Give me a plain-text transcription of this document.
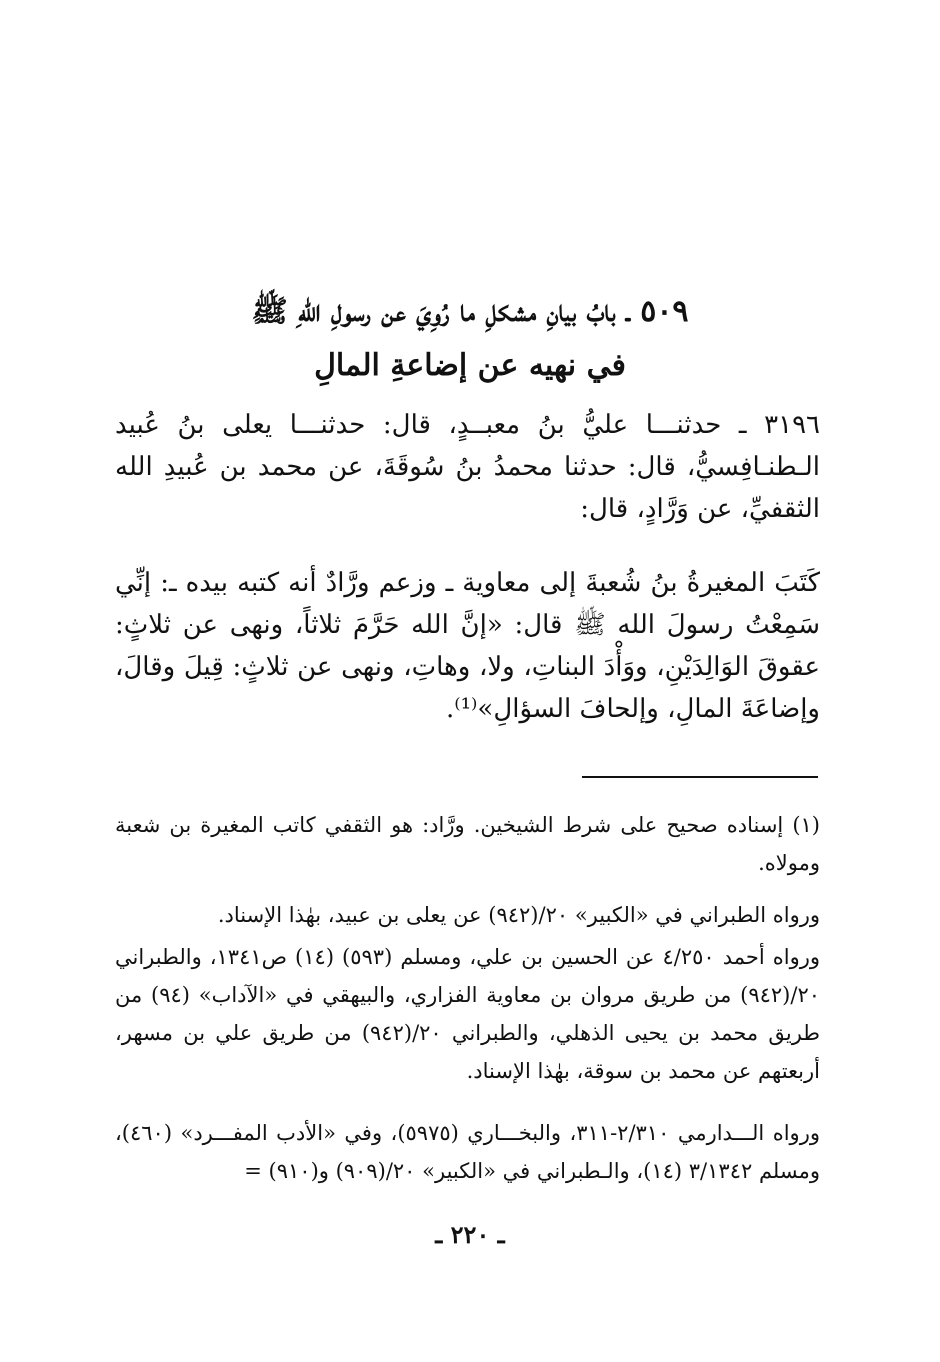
٥٠٩ ـ بابُ بيانِ مشكلِ ما رُوِيَ عن رسولِ اللهِ ﷺ
في نهيه عن إضاعةِ المالِ

٣١٩٦ ـ حدثنـــا عليُّ بنُ معبــدٍ، قال: حدثنـــا يعلى بنُ عُبيد الـطنـافِسيُّ، قال: حدثنا محمدُ بنُ سُوقَةَ، عن محمد بن عُبيدِ الله الثقفيِّ، عن وَرَّادٍ، قال:

كَتَبَ المغيرةُ بنُ شُعبةَ إلى معاوية ـ وزعم ورَّادٌ أنه كتبه بيده ـ: إنِّي سَمِعْتُ رسولَ الله ﷺ قال: «إنَّ الله حَرَّمَ ثلاثاً، ونهى عن ثلاثٍ: عقوقَ الوَالِدَيْنِ، ووَأْدَ البناتِ، ولا، وهاتِ، ونهى عن ثلاثٍ: قِيلَ وقالَ، وإضاعَةَ المالِ، وإلحافَ السؤالِ»⁽¹⁾.

(١) إسناده صحيح على شرط الشيخين. ورَّاد: هو الثقفي كاتب المغيرة بن شعبة ومولاه.

ورواه الطبراني في «الكبير» ٢٠/(٩٤٢) عن يعلى بن عبيد، بهٰذا الإسناد.

ورواه أحمد ٤/٢٥٠ عن الحسين بن علي، ومسلم (٥٩٣) (١٤) ص١٣٤١، والطبراني ٢٠/(٩٤٢) من طريق مروان بن معاوية الفزاري، والبيهقي في «الآداب» (٩٤) من طريق محمد بن يحيى الذهلي، والطبراني ٢٠/(٩٤٢) من طريق علي بن مسهر، أربعتهم عن محمد بن سوقة، بهٰذا الإسناد.

ورواه الـــدارمي ٢/٣١٠-٣١١، والبخـــاري (٥٩٧٥)، وفي «الأدب المفـــرد» (٤٦٠)، ومسلم ٣/١٣٤٢ (١٤)، والـطبراني في «الكبير» ٢٠/(٩٠٩) و(٩١٠) =

ـ ٢٢٠ ـ
